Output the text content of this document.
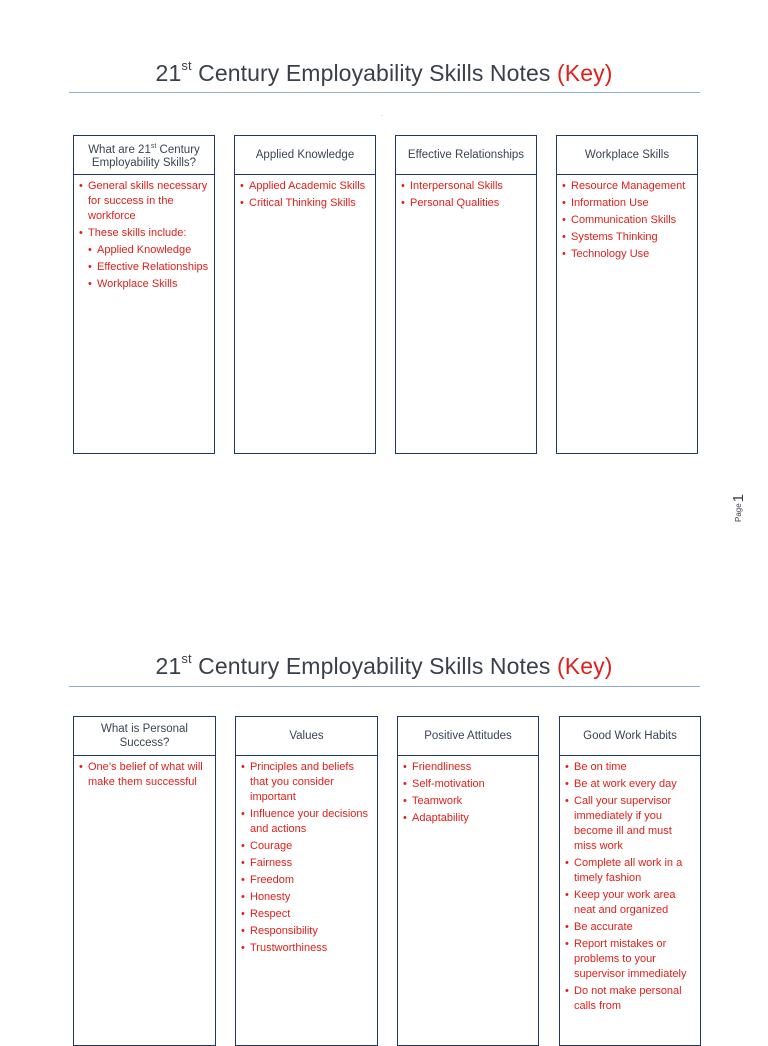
21st Century Employability Skills Notes (Key)
.
What are 21st Century Employability Skills?
• General skills necessary for success in the workforce
• These skills include:
• Applied Knowledge
• Effective Relationships
• Workplace Skills
Applied Knowledge
• Applied Academic Skills
• Critical Thinking Skills
Effective Relationships
• Interpersonal Skills
• Personal Qualities
Workplace Skills
• Resource Management
• Information Use
• Communication Skills
• Systems Thinking
• Technology Use
Page
1
21st Century Employability Skills Notes (Key)
What is Personal Success?
• One’s belief of what will make them successful
Values
• Principles and beliefs that you consider important
• Influence your decisions and actions
• Courage
• Fairness
• Freedom
• Honesty
• Respect
• Responsibility
• Trustworthiness
Positive Attitudes
• Friendliness
• Self-motivation
• Teamwork
• Adaptability
Good Work Habits
• Be on time
• Be at work every day
• Call your supervisor immediately if you become ill and must miss work
• Complete all work in a timely fashion
• Keep your work area neat and organized
• Be accurate
• Report mistakes or problems to your supervisor immediately
• Do not make personal calls from
